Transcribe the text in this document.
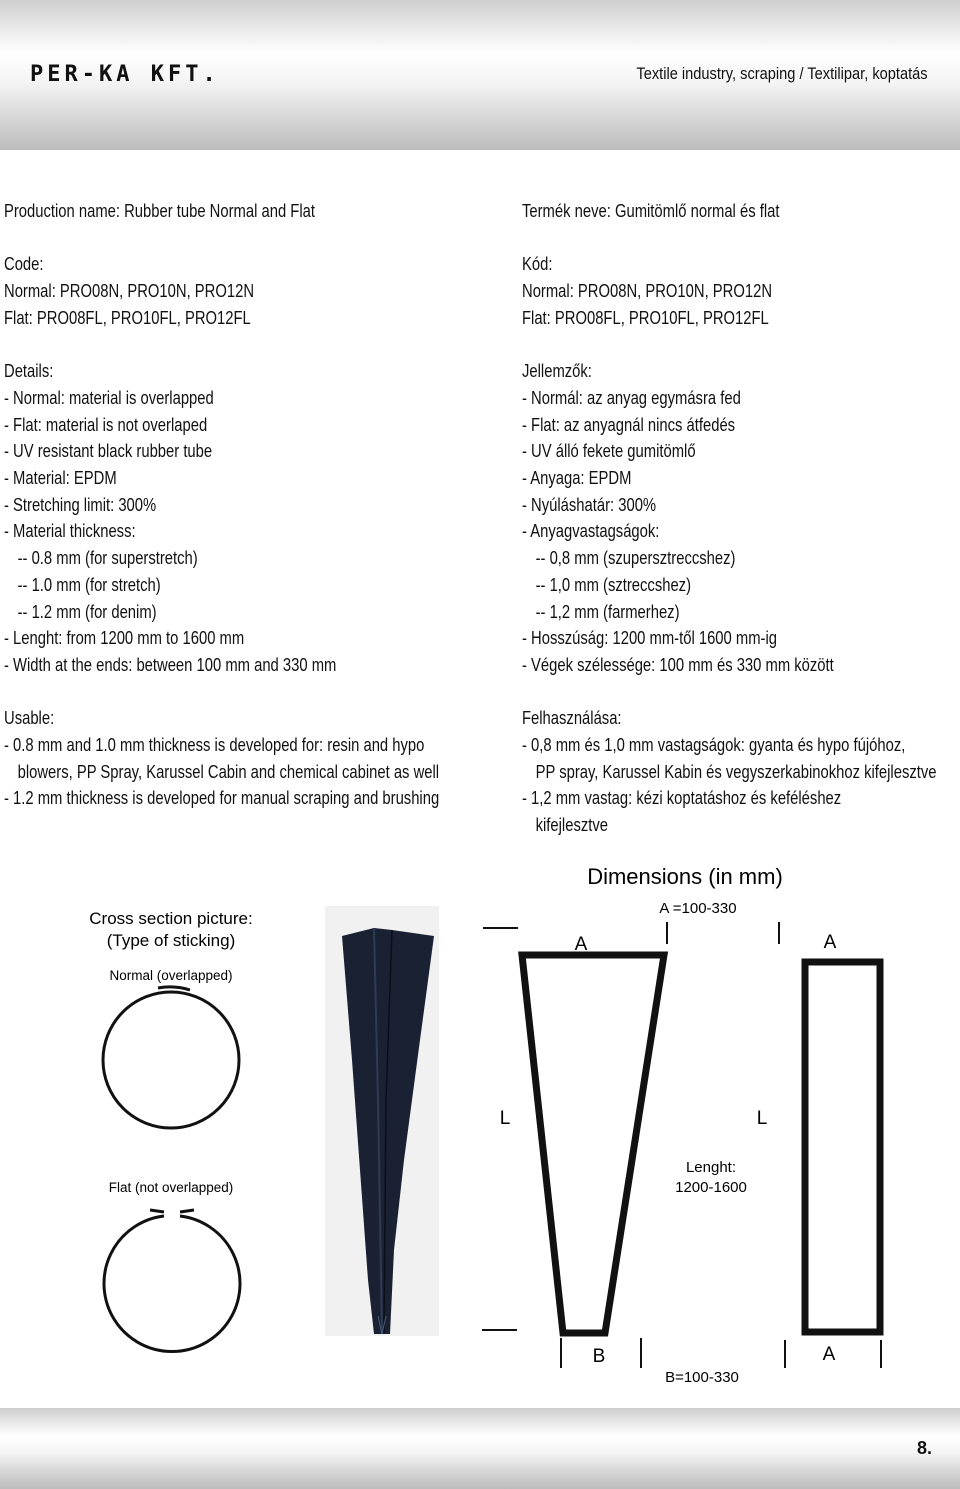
PER-KA KFT.	Textile industry, scraping / Textilipar, koptatás
Production name: Rubber tube Normal and Flat
Code:
Normal: PRO08N, PRO10N, PRO12N
Flat: PRO08FL, PRO10FL, PRO12FL
Details:
- Normal: material is overlapped
- Flat: material is not overlaped
- UV resistant black rubber tube
- Material: EPDM
- Stretching limit: 300%
- Material thickness:
-- 0.8 mm (for superstretch)
-- 1.0 mm (for stretch)
-- 1.2 mm (for denim)
- Lenght: from 1200 mm to 1600 mm
- Width at the ends: between 100 mm and 330 mm
Usable:
- 0.8 mm and 1.0 mm thickness is developed for: resin and hypo
blowers, PP Spray, Karussel Cabin and chemical cabinet as well
- 1.2 mm thickness is developed for manual scraping and brushing
Termék neve: Gumitömlő normal és flat
Kód:
Normal: PRO08N, PRO10N, PRO12N
Flat: PRO08FL, PRO10FL, PRO12FL
Jellemzők:
- Normál: az anyag egymásra fed
- Flat: az anyagnál nincs átfedés
- UV álló fekete gumitömlő
- Anyaga: EPDM
- Nyúláshatár: 300%
- Anyagvastagságok:
-- 0,8 mm (szupersztreccshez)
-- 1,0 mm (sztreccshez)
-- 1,2 mm (farmerhez)
- Hosszúság: 1200 mm-től 1600 mm-ig
- Végek szélessége: 100 mm és 330 mm között
Felhasználása:
- 0,8 mm és 1,0 mm vastagságok: gyanta és hypo fújóhoz,
PP spray, Karussel Kabin és vegyszerkabinokhoz kifejlesztve
- 1,2 mm vastag: kézi koptatáshoz és keféléshez
kifejlesztve
Cross section picture:
(Type of sticking)
Normal (overlapped)
Flat (not overlapped)
Dimensions (in mm)
A =100-330
A	A
L	L
Lenght:
1200-1600
B	A
B=100-330
8.
